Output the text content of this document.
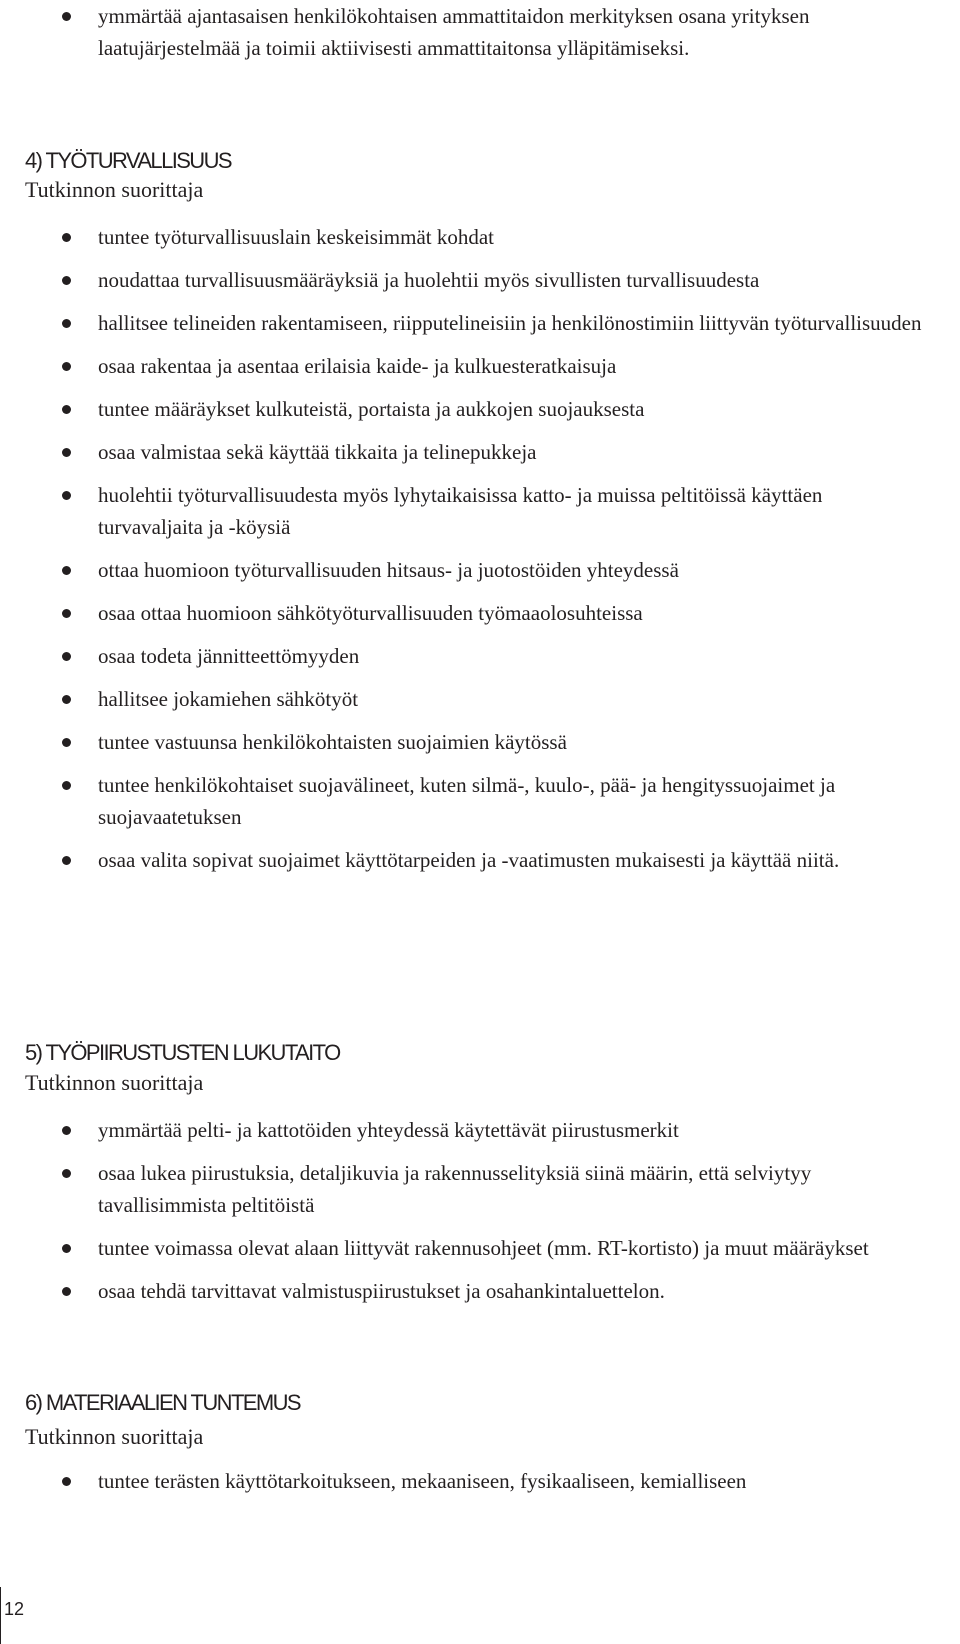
ymmärtää ajantasaisen henkilökohtaisen ammattitaidon merkityksen osana yrityksen laatujärjestelmää ja toimii aktiivisesti ammattitaitonsa ylläpitämiseksi.
4) TYÖTURVALLISUUS

Tutkinnon suorittaja

tuntee työturvallisuuslain keskeisimmät kohdat
noudattaa turvallisuusmääräyksiä ja huolehtii myös sivullisten turvallisuudesta
hallitsee telineiden rakentamiseen, riipputelineisiin ja henkilönostimiin liittyvän työturvallisuuden
osaa rakentaa ja asentaa erilaisia kaide- ja kulkuesteratkaisuja
tuntee määräykset kulkuteistä, portaista ja aukkojen suojauksesta
osaa valmistaa sekä käyttää tikkaita ja telinepukkeja
huolehtii työturvallisuudesta myös lyhytaikaisissa katto- ja muissa peltitöissä käyttäen turvavaljaita ja -köysiä
ottaa huomioon työturvallisuuden hitsaus- ja juotostöiden yhteydessä
osaa ottaa huomioon sähkötyöturvallisuuden työmaaolosuhteissa
osaa todeta jännitteettömyyden
hallitsee jokamiehen sähkötyöt
tuntee vastuunsa henkilökohtaisten suojaimien käytössä
tuntee henkilökohtaiset suojavälineet, kuten silmä-, kuulo-, pää- ja hengityssuojaimet ja suojavaatetuksen
osaa valita sopivat suojaimet käyttötarpeiden ja -vaatimusten mukaisesti ja käyttää niitä.
5) TYÖPIIRUSTUSTEN LUKUTAITO

Tutkinnon suorittaja

ymmärtää pelti- ja kattotöiden yhteydessä käytettävät piirustusmerkit
osaa lukea piirustuksia, detaljikuvia ja rakennusselityksiä siinä määrin, että selviytyy tavallisimmista peltitöistä
tuntee voimassa olevat alaan liittyvät rakennusohjeet (mm. RT-kortisto) ja muut määräykset
osaa tehdä tarvittavat valmistuspiirustukset ja osahankintaluettelon.
6) MATERIAALIEN TUNTEMUS

Tutkinnon suorittaja

tuntee terästen käyttötarkoitukseen, mekaaniseen, fysikaaliseen, kemialliseen
12
